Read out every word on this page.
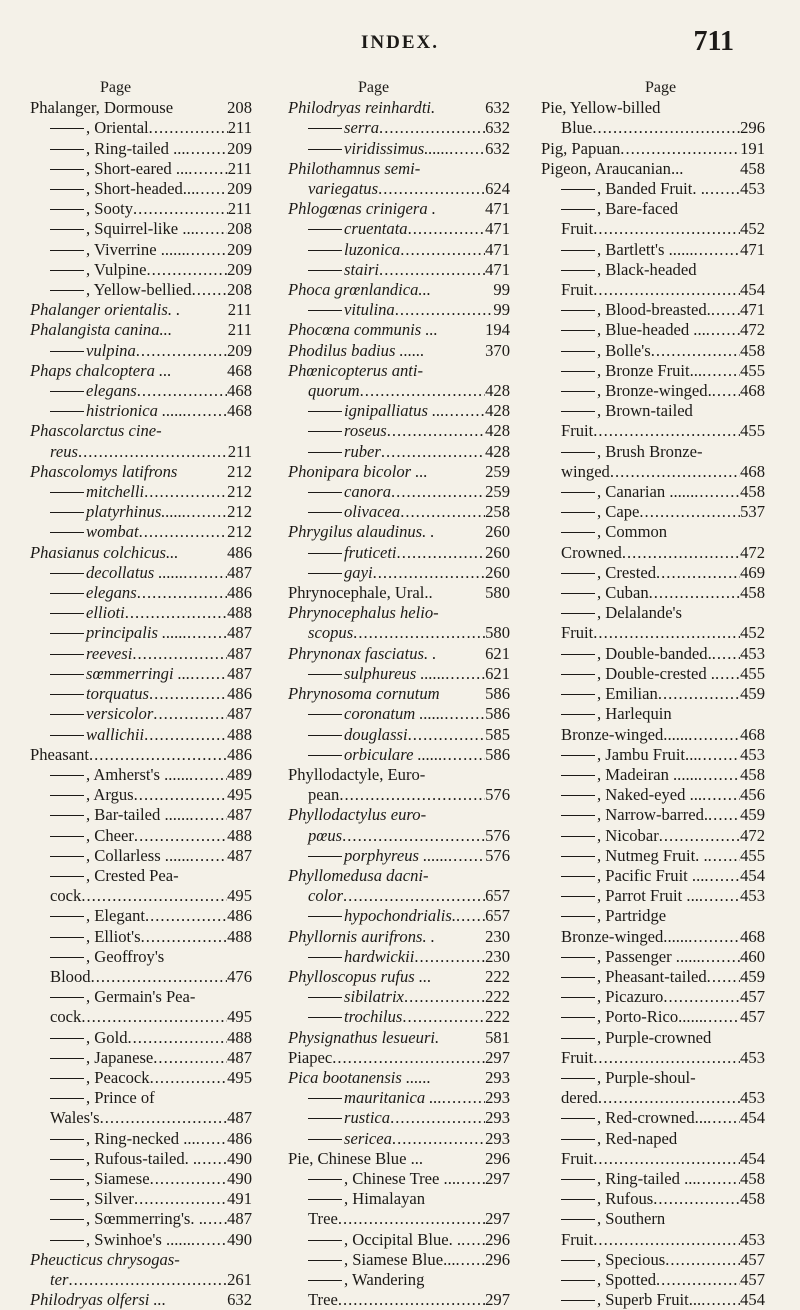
INDEX.	711
Page
Phalanger, Dormouse	208
, Oriental .....	211
, Ring-tailed ... .....	209
, Short-eared ... ..... 211
, Short-headed... ..... 209
, Sooty .....	211
, Squirrel-like ... ..... 208
, Viverrine ...... ..... 209
, Vulpine .....	209
, Yellow-bellied ..... 208
Phalanger orientalis. .	211
Phalangista canina...	211
vulpina .....	209
Phaps chalcoptera ...	468
elegans .....	468
histrionica ...... ..... 468
Phascolarctus cine-
reus .....	211
Phascolomys latifrons	212
mitchelli .....	212
platyrhinus...... ..... 212
wombat .....	212
Phasianus colchicus...	486
decollatus ...... .....	487
elegans .....	486
ellioti .....	488
principalis ...... ..... 487
reevesi .....	487
sœmmerringi ... ..... 487
torquatus .....	486
versicolor .....	487
wallichii .....	488
Pheasant .....	486
, Amherst's ...... ..... 489
, Argus .....	495
, Bar-tailed ...... ..... 487
, Cheer .....	488
, Collarless ...... ..... 487
, Crested Pea-
cock .....	495
, Elegant .....	486
, Elliot's .....	488
, Geoffroy's
Blood .....	476
, Germain's Pea-
cock .....	495
, Gold .....	488
, Japanese .....	487
, Peacock .....	495
, Prince of
Wales's .....	487
, Ring-necked ... ..... 486
, Rufous-tailed. . ..... 490
, Siamese .....	490
, Silver .....	491
, Sœmmerring's. . ..... 487
, Swinhoe's ...... ..... 490
Pheucticus chrysogas-
ter .....	261
Philodryas olfersi ...	632
Page
Philodryas reinhardti.	632
serra .....	632
viridissimus...... ..... 632
Philothamnus semi-
variegatus .....	624
Phlogœnas crinigera .	471
cruentata .....	471
luzonica .....	471
stairi .....	471
Phoca grœnlandica...	99
vitulina .....	99
Phocœna communis ...	194
Phodilus badius ......	370
Phœnicopterus anti-
quorum .....	428
ignipalliatus ... ..... 428
roseus .....	428
ruber .....	428
Phonipara bicolor ...	259
canora .....	259
olivacea .....	258
Phrygilus alaudinus. .	260
fruticeti .....	260
gayi .....	260
Phrynocephale, Ural..	580
Phrynocephalus helio-
scopus .....	580
Phrynonax fasciatus. .	621
sulphureus ...... ..... 621
Phrynosoma cornutum	586
coronatum ...... ..... 586
douglassi .....	585
orbiculare ...... .....	586
Phyllodactyle, Euro-
pean .....	576
Phyllodactylus euro-
pœus .....	576
porphyreus ...... ..... 576
Phyllomedusa dacni-
color .....	657
hypochondrialis. ..... 657
Phyllornis aurifrons. .	230
hardwickii .....	230
Phylloscopus rufus ...	222
sibilatrix .....	222
trochilus .....	222
Physignathus lesueuri.	581
Piapec .....	297
Pica bootanensis ......	293
mauritanica ... .....	293
rustica .....	293
sericea .....	293
Pie, Chinese Blue ...	296
, Chinese Tree ... ..... 297
, Himalayan
Tree .....	297
, Occipital Blue. . ..... 296
, Siamese Blue... ..... 296
, Wandering
Tree .....	297
Page
Pie, Yellow-billed
Blue .....	296
Pig, Papuan .....	191
Pigeon, Araucanian...	458
, Banded Fruit. . ..... 453
, Bare-faced
Fruit .....	452
, Bartlett's ...... .....	471
, Black-headed
Fruit .....	454
, Blood-breasted. ..... 471
, Blue-headed ... ..... 472
, Bolle's .....	458
, Bronze Fruit... ..... 455
, Bronze-winged. ..... 468
, Brown-tailed
Fruit .....	455
, Brush Bronze-
winged .....	468
, Canarian ...... .....	458
, Cape .....	537
, Common
Crowned .....	472
, Crested .....	469
, Cuban .....	458
, Delalande's
Fruit .....	452
, Double-banded. ..... 453
, Double-crested . ..... 455
, Emilian .....	459
, Harlequin
Bronze-winged...... .....	468
, Jambu Fruit... .....	453
, Madeiran ...... .....	458
, Naked-eyed ... ..... 456
, Narrow-barred. ..... 459
, Nicobar .....	472
, Nutmeg Fruit. . ..... 455
, Pacific Fruit ... ..... 454
, Parrot Fruit ... ..... 453
, Partridge
Bronze-winged...... .....	468
, Passenger ...... ..... 460
, Pheasant-tailed ..... 459
, Picazuro .....	457
, Porto-Rico...... ..... 457
, Purple-crowned
Fruit .....	453
, Purple-shoul-
dered .....	453
, Red-crowned... ..... 454
, Red-naped
Fruit .....	454
, Ring-tailed ... .....	458
, Rufous .....	458
, Southern
Fruit .....	453
, Specious .....	457
, Spotted .....	457
, Superb Fruit... ..... 454
